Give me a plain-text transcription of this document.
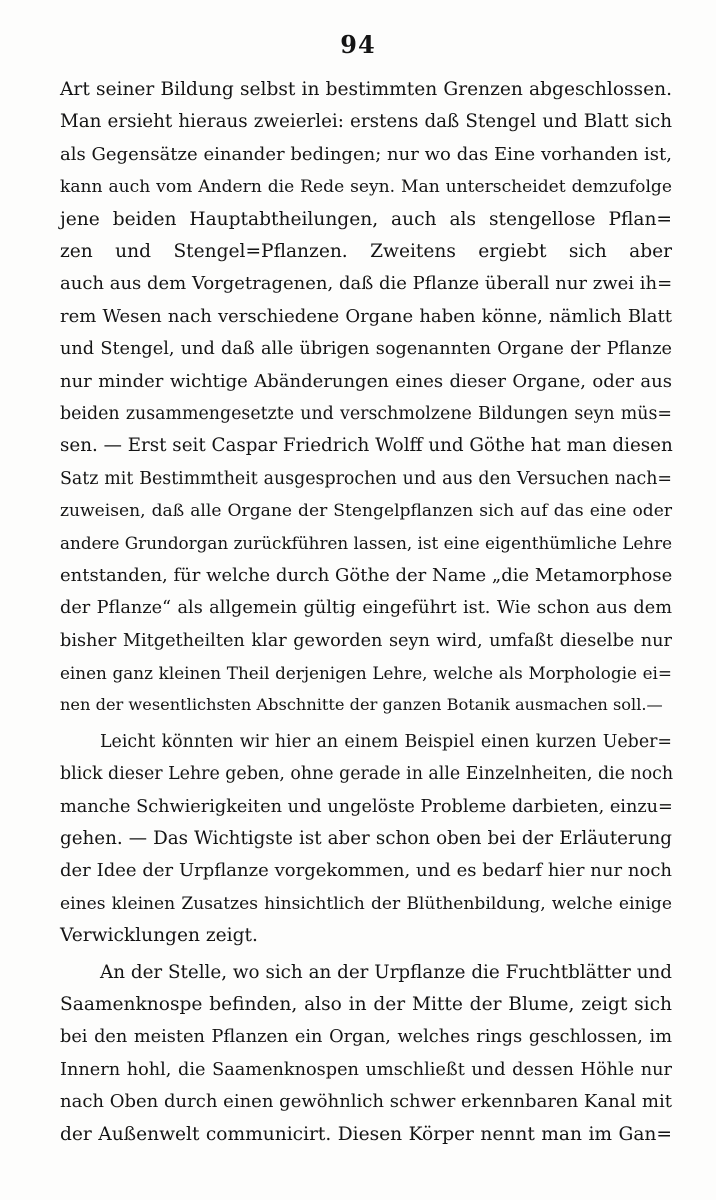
94
Art seiner Bildung selbst in bestimmten Grenzen abgeschlossen.
Man ersieht hieraus zweierlei: erstens daß Stengel und Blatt sich
als Gegensätze einander bedingen; nur wo das Eine vorhanden ist,
kann auch vom Andern die Rede seyn. Man unterscheidet demzufolge
jene beiden Hauptabtheilungen, auch als stengellose Pflan=
zen und Stengel=Pflanzen. Zweitens ergiebt sich aber
auch aus dem Vorgetragenen, daß die Pflanze überall nur zwei ih=
rem Wesen nach verschiedene Organe haben könne, nämlich Blatt
und Stengel, und daß alle übrigen sogenannten Organe der Pflanze
nur minder wichtige Abänderungen eines dieser Organe, oder aus
beiden zusammengesetzte und verschmolzene Bildungen seyn müs=
sen. — Erst seit Caspar Friedrich Wolff und Göthe hat man diesen
Satz mit Bestimmtheit ausgesprochen und aus den Versuchen nach=
zuweisen, daß alle Organe der Stengelpflanzen sich auf das eine oder
andere Grundorgan zurückführen lassen, ist eine eigenthümliche Lehre
entstanden, für welche durch Göthe der Name „die Metamorphose
der Pflanze“ als allgemein gültig eingeführt ist. Wie schon aus dem
bisher Mitgetheilten klar geworden seyn wird, umfaßt dieselbe nur
einen ganz kleinen Theil derjenigen Lehre, welche als Morphologie ei=
nen der wesentlichsten Abschnitte der ganzen Botanik ausmachen soll.—
Leicht könnten wir hier an einem Beispiel einen kurzen Ueber=
blick dieser Lehre geben, ohne gerade in alle Einzelnheiten, die noch
manche Schwierigkeiten und ungelöste Probleme darbieten, einzu=
gehen. — Das Wichtigste ist aber schon oben bei der Erläuterung
der Idee der Urpflanze vorgekommen, und es bedarf hier nur noch
eines kleinen Zusatzes hinsichtlich der Blüthenbildung, welche einige
Verwicklungen zeigt.
An der Stelle, wo sich an der Urpflanze die Fruchtblätter und
Saamenknospe befinden, also in der Mitte der Blume, zeigt sich
bei den meisten Pflanzen ein Organ, welches rings geschlossen, im
Innern hohl, die Saamenknospen umschließt und dessen Höhle nur
nach Oben durch einen gewöhnlich schwer erkennbaren Kanal mit
der Außenwelt communicirt. Diesen Körper nennt man im Gan=
